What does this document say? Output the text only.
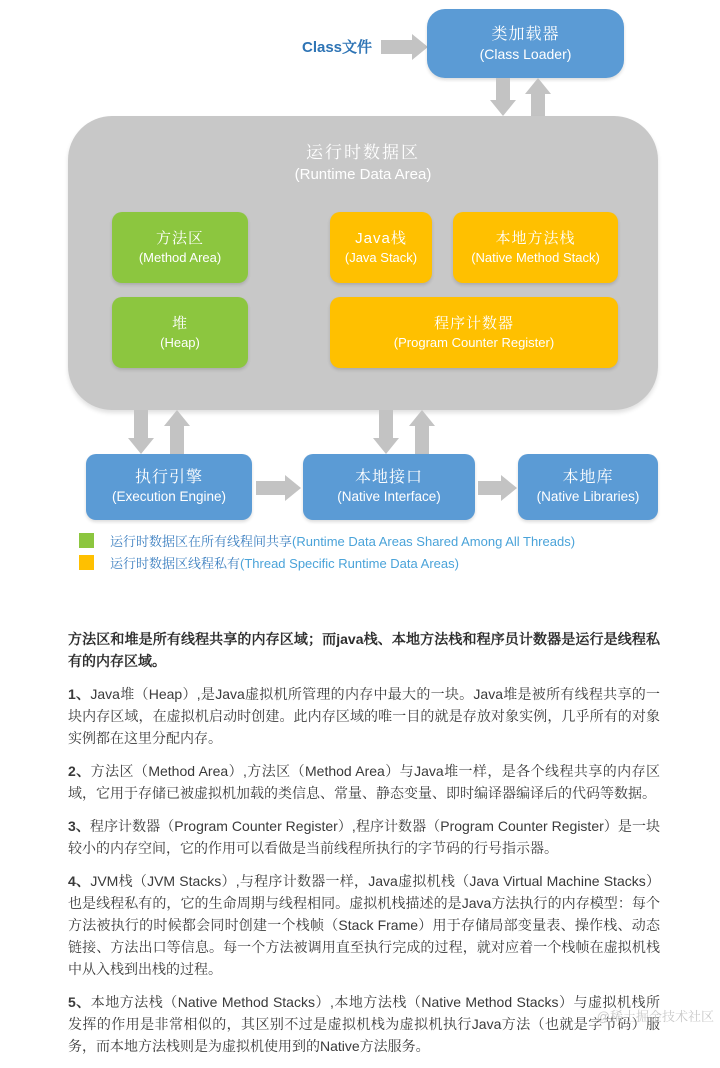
Class文件
类加载器
(Class Loader)
运行时数据区
(Runtime Data Area)
方法区
(Method Area)
Java栈
(Java Stack)
本地方法栈
(Native Method Stack)
堆
(Heap)
程序计数器
(Program Counter Register)
执行引擎
(Execution Engine)
本地接口
(Native Interface)
本地库
(Native Libraries)
运行时数据区在所有线程间共享(Runtime Data Areas Shared Among All Threads)
运行时数据区线程私有(Thread Specific Runtime Data Areas)

方法区和堆是所有线程共享的内存区域；而java栈、本地方法栈和程序员计数器是运行是线程私有的内存区域。

1、Java堆（Heap）,是Java虚拟机所管理的内存中最大的一块。Java堆是被所有线程共享的一块内存区域，在虚拟机启动时创建。此内存区域的唯一目的就是存放对象实例，几乎所有的对象实例都在这里分配内存。

2、方法区（Method Area）,方法区（Method Area）与Java堆一样，是各个线程共享的内存区域，它用于存储已被虚拟机加载的类信息、常量、静态变量、即时编译器编译后的代码等数据。

3、程序计数器（Program Counter Register）,程序计数器（Program Counter Register）是一块较小的内存空间，它的作用可以看做是当前线程所执行的字节码的行号指示器。

4、JVM栈（JVM Stacks）,与程序计数器一样，Java虚拟机栈（Java Virtual Machine Stacks）也是线程私有的，它的生命周期与线程相同。虚拟机栈描述的是Java方法执行的内存模型：每个方法被执行的时候都会同时创建一个栈帧（Stack Frame）用于存储局部变量表、操作栈、动态链接、方法出口等信息。每一个方法被调用直至执行完成的过程，就对应着一个栈帧在虚拟机栈中从入栈到出栈的过程。

5、本地方法栈（Native Method Stacks）,本地方法栈（Native Method Stacks）与虚拟机栈所发挥的作用是非常相似的，其区别不过是虚拟机栈为虚拟机执行Java方法（也就是字节码）服务，而本地方法栈则是为虚拟机使用到的Native方法服务。

@稀土掘金技术社区
